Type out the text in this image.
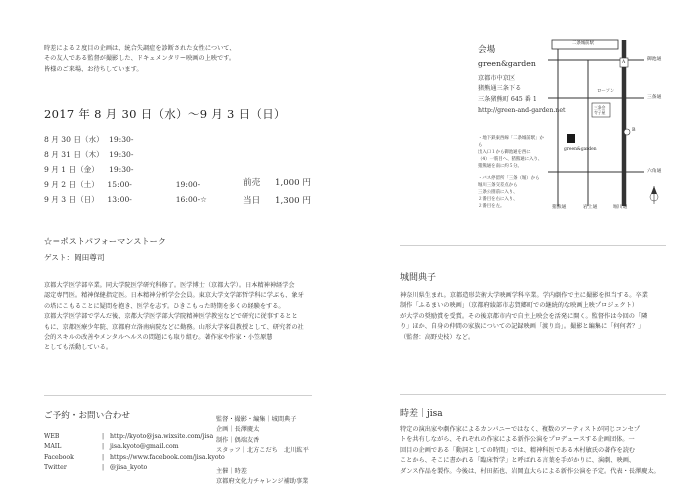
時差による２度目の企画は、統合失調症を診断された女性について、
その友人である監督が撮影した、ドキュメンタリー映画の上映です。
皆様のご来場、お待ちしています。
2017 年 8 月 30 日（水）〜9 月 3 日（日）
8 月 30 日（水） 19:30-
8 月 31 日（木） 19:30-
9 月 1 日（金）	19:30-
9 月 2 日（土）	15:00-	19:00-
9 月 3 日（日）	13:00-	16:00-☆
前売	1,000 円
当日	1,300 円
☆＝ポストパフォーマンストーク
ゲスト：岡田尊司
京都大学医学部卒業。同大学院医学研究科修了。医学博士（京都大学）。日本精神神経学会
認定専門医。精神保健指定医。日本精神分析学会会員。東京大学文学部哲学科に学ぶも、象牙
の塔にこもることに疑問を抱き、医学を志す。ひきこもった時期を多くの経験をする。
京都大学医学部で学んだ後、京都大学医学部大学院精神医学教室などで研究に従事するとと
もに、京都医療少年院、京都府立洛南病院などに勤務。山形大学客員教授として、研究者の社
会的スキルの改善やメンタルヘルスの問題にも取り組む。著作家や作家・小笠原慧
としても活動している。
ご予約・お問い合わせ
WEB	| http://kyoto@jsa.wixsite.com/jisa
MAIL	| jisa.kyoto@gmail.com
Facebook	| https://www.facebook.com/jisa.kyoto
Twitter	| @jisa_kyoto
監督・撮影・編集｜城間典子
企画｜長澤慶太
制作｜偶端友香
スタッフ｜北方こだち　北川紘平

主催｜時差
京都府文化力チャレンジ補助事業
会場
green&garden
京都市中京区
猪熊通三条下る
三条猪熊町 645 番 1
http://green-and-garden.net
・地下鉄東西線「二条城前駅」から
出入口１から御池通を西に
（4）一筋目へ、猪熊通に入り、
猪熊通を南に約５分。
・バス停留所「三条（堀）から
堀川三条交差点から
三条公園前に入り、
２番目を右に入り、
２番目を左。
二条城前駅
御池通
三条通
六角通
猪熊通	岩上通	堀川通
ローソン
三条会
寺子屋
green&garden
A
B
城間典子
神奈川県生まれ。京都造形芸術大学映画学科卒業。学内劇作で主に撮影を担当する。卒業
制作「ふるまいの映画」（京都府綾部市志賀郷町での継続的な映画上映プロジェクト）
が大学の奨励賞を受賞。その後京都市内で自主上映会を活発に開く。監督作は今回の「隣
り」ほか、自身の仲間の家族についての記録映画「渡り鳥」。撮影と編集に「何何者？」
（監督：高野史枝）など。
時差｜jisa
特定の演出家や劇作家によるカンパニーではなく、複数のアーティストが同じコンセプ
トを共有しながら、それぞれの作家による新作公演をプロデュースする企画団体。一
回目の企画である「動詞としての時間」では、精神科医である木村敏氏の著作を読む
ことから、そこに書かれる「臨床哲学」と呼ばれる言葉を手がかりに、演劇、映画、
ダンス作品を製作。今後は、村田拓也、岩岡直大らによる新作公演を予定。代表・長澤慶太。
